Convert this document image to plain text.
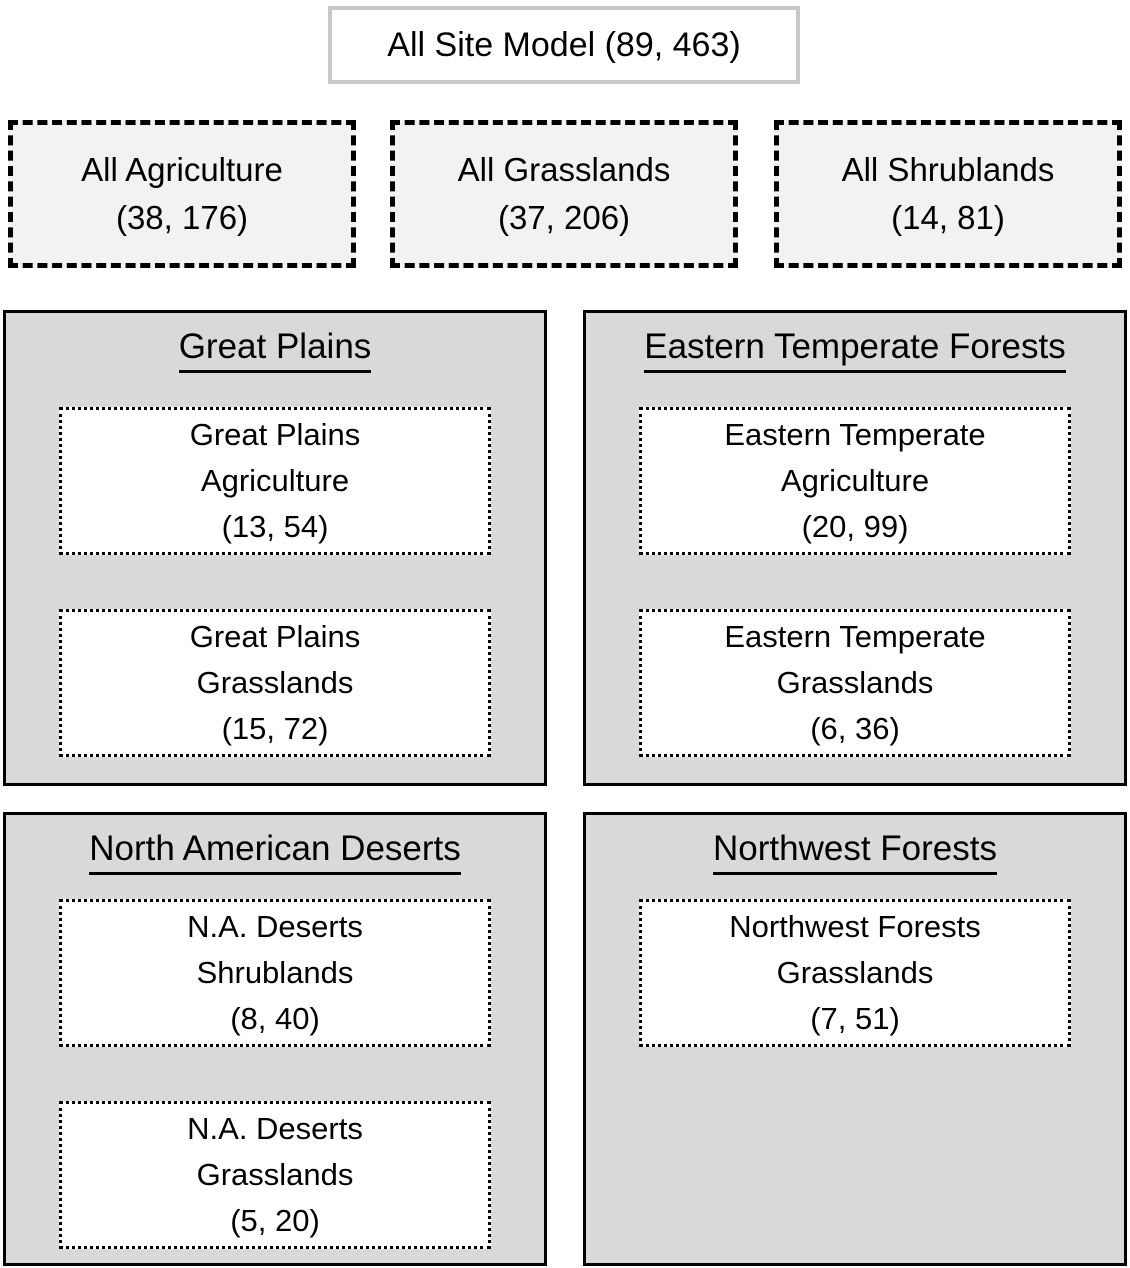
All Site Model (89, 463)
All Agriculture
(38, 176)
All Grasslands
(37, 206)
All Shrublands
(14, 81)
Great Plains
Great Plains
Agriculture
(13, 54)
Great Plains
Grasslands
(15, 72)
Eastern Temperate Forests
Eastern Temperate
Agriculture
(20, 99)
Eastern Temperate
Grasslands
(6, 36)
North American Deserts
N.A. Deserts
Shrublands
(8, 40)
N.A. Deserts
Grasslands
(5, 20)
Northwest Forests
Northwest Forests
Grasslands
(7, 51)
